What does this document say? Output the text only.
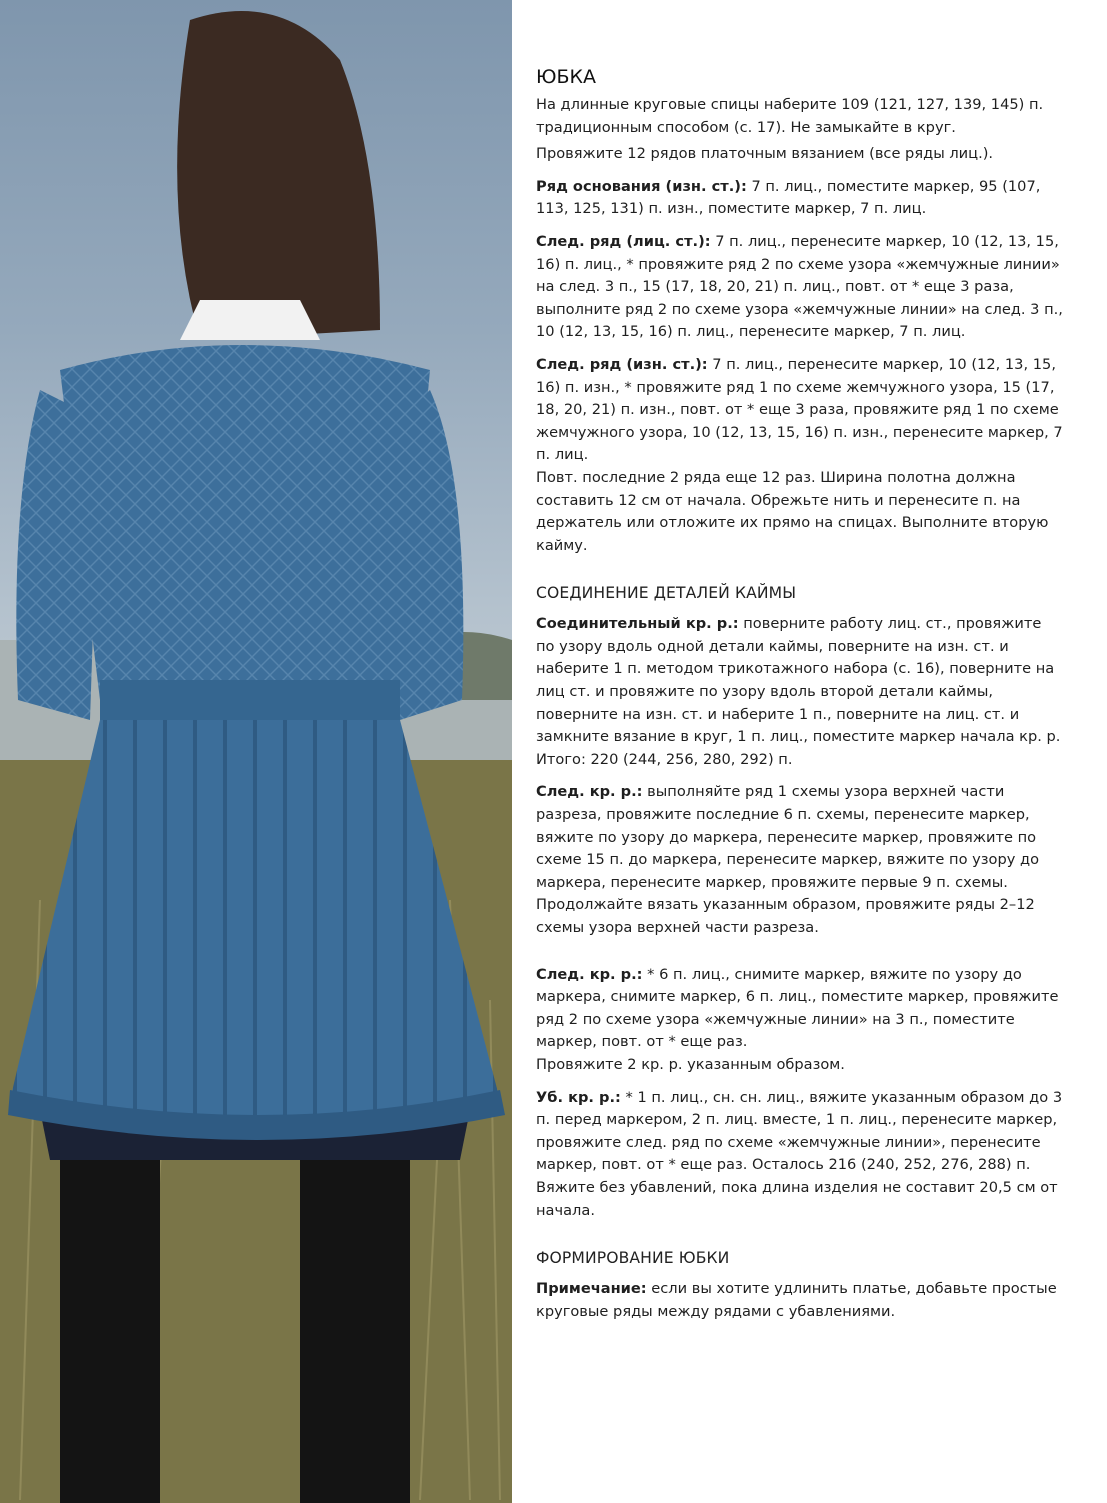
ЮБКА

На длинные круговые спицы наберите 109 (121, 127, 139, 145) п. традиционным способом (с. 17). Не замыкайте в круг.

Провяжите 12 рядов платочным вязанием (все ряды лиц.).

Ряд основания (изн. ст.): 7 п. лиц., поместите маркер, 95 (107, 113, 125, 131) п. изн., поместите маркер, 7 п. лиц.

След. ряд (лиц. ст.): 7 п. лиц., перенесите маркер, 10 (12, 13, 15, 16) п. лиц., * провяжите ряд 2 по схеме узора «жемчужные линии» на след. 3 п., 15 (17, 18, 20, 21) п. лиц., повт. от * еще 3 раза, выполните ряд 2 по схеме узора «жемчужные линии» на след. 3 п., 10 (12, 13, 15, 16) п. лиц., перенесите маркер, 7 п. лиц.

След. ряд (изн. ст.): 7 п. лиц., перенесите маркер, 10 (12, 13, 15, 16) п. изн., * провяжите ряд 1 по схеме жемчужного узора, 15 (17, 18, 20, 21) п. изн., повт. от * еще 3 раза, провяжите ряд 1 по схеме жемчужного узора, 10 (12, 13, 15, 16) п. изн., перенесите маркер, 7 п. лиц.

Повт. последние 2 ряда еще 12 раз. Ширина полотна должна составить 12 см от начала. Обрежьте нить и перенесите п. на держатель или отложите их прямо на спицах. Выполните вторую кайму.

СОЕДИНЕНИЕ ДЕТАЛЕЙ КАЙМЫ

Соединительный кр. р.: поверните работу лиц. ст., провяжите по узору вдоль одной детали каймы, поверните на изн. ст. и наберите 1 п. методом трикотажного набора (с. 16), поверните на лиц ст. и провяжите по узору вдоль второй детали каймы, поверните на изн. ст. и наберите 1 п., поверните на лиц. ст. и замкните вязание в круг, 1 п. лиц., поместите маркер начала кр. р. Итого: 220 (244, 256, 280, 292) п.

След. кр. р.: выполняйте ряд 1 схемы узора верхней части разреза, провяжите последние 6 п. схемы, перенесите маркер, вяжите по узору до маркера, перенесите маркер, провяжите по схеме 15 п. до маркера, перенесите маркер, вяжите по узору до маркера, перенесите маркер, провяжите первые 9 п. схемы.

Продолжайте вязать указанным образом, провяжите ряды 2–12 схемы узора верхней части разреза.

След. кр. р.: * 6 п. лиц., снимите маркер, вяжите по узору до маркера, снимите маркер, 6 п. лиц., поместите маркер, провяжите ряд 2 по схеме узора «жемчужные линии» на 3 п., поместите маркер, повт. от * еще раз.

Провяжите 2 кр. р. указанным образом.

Уб. кр. р.: * 1 п. лиц., сн. сн. лиц., вяжите указанным образом до 3 п. перед маркером, 2 п. лиц. вместе, 1 п. лиц., перенесите маркер, провяжите след. ряд по схеме «жемчужные линии», перенесите маркер, повт. от * еще раз. Осталось 216 (240, 252, 276, 288) п.

Вяжите без убавлений, пока длина изделия не составит 20,5 см от начала.

ФОРМИРОВАНИЕ ЮБКИ

Примечание: если вы хотите удлинить платье, добавьте простые круговые ряды между рядами с убавлениями.
